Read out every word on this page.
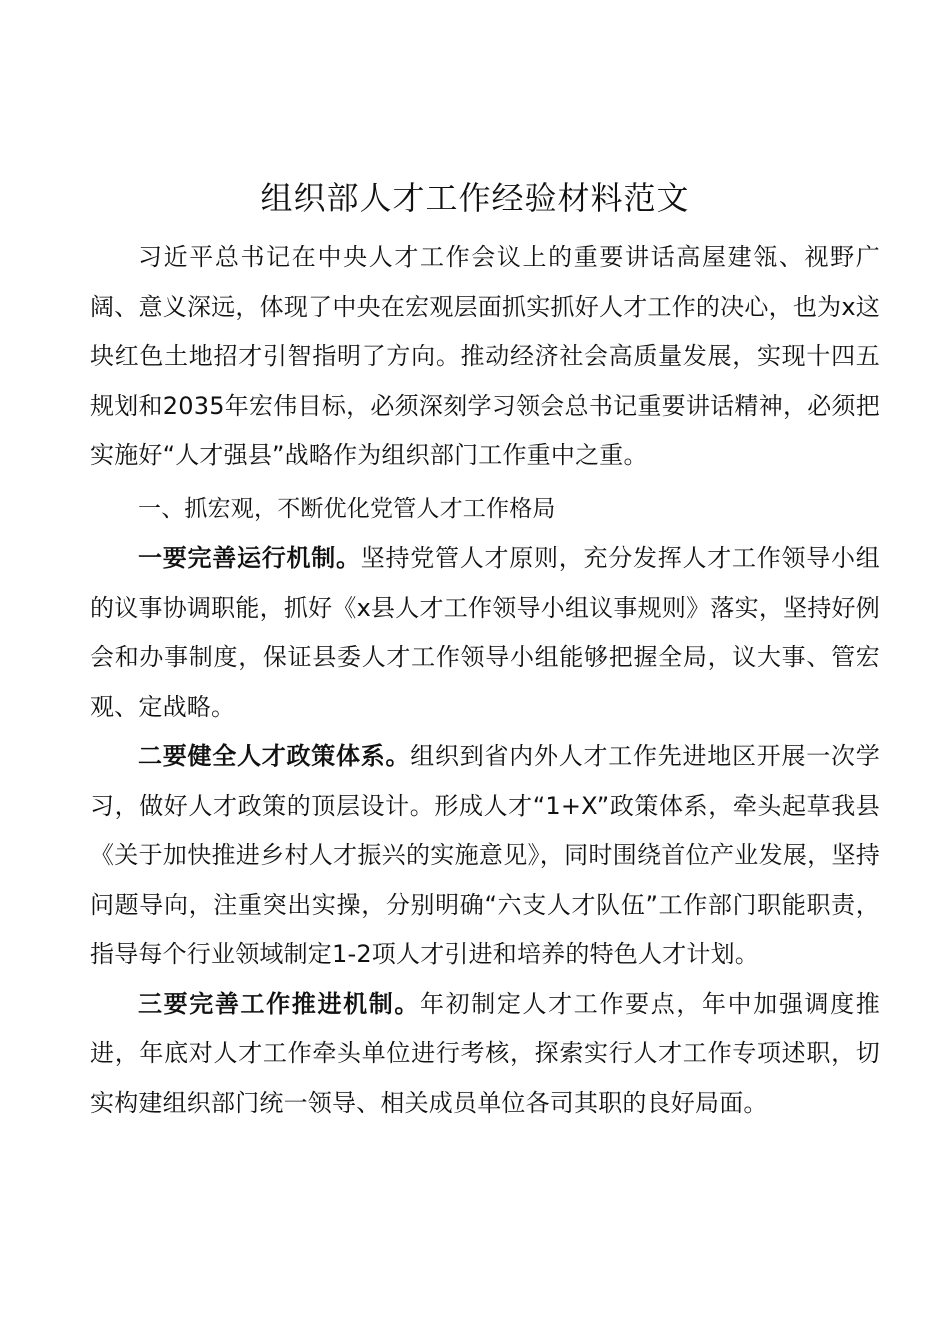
组织部人才工作经验材料范文

习近平总书记在中央人才工作会议上的重要讲话高屋建瓴、视野广阔、意义深远，体现了中央在宏观层面抓实抓好人才工作的决心，也为x这块红色土地招才引智指明了方向。推动经济社会高质量发展，实现十四五规划和2035年宏伟目标，必须深刻学习领会总书记重要讲话精神，必须把实施好“人才强县”战略作为组织部门工作重中之重。

一、抓宏观，不断优化党管人才工作格局

一要完善运行机制。坚持党管人才原则，充分发挥人才工作领导小组的议事协调职能，抓好《x县人才工作领导小组议事规则》落实，坚持好例会和办事制度，保证县委人才工作领导小组能够把握全局，议大事、管宏观、定战略。

二要健全人才政策体系。组织到省内外人才工作先进地区开展一次学习，做好人才政策的顶层设计。形成人才“1+X”政策体系，牵头起草我县《关于加快推进乡村人才振兴的实施意见》，同时围绕首位产业发展，坚持问题导向，注重突出实操，分别明确“六支人才队伍”工作部门职能职责，指导每个行业领域制定1-2项人才引进和培养的特色人才计划。

三要完善工作推进机制。年初制定人才工作要点，年中加强调度推进，年底对人才工作牵头单位进行考核，探索实行人才工作专项述职，切实构建组织部门统一领导、相关成员单位各司其职的良好局面。
